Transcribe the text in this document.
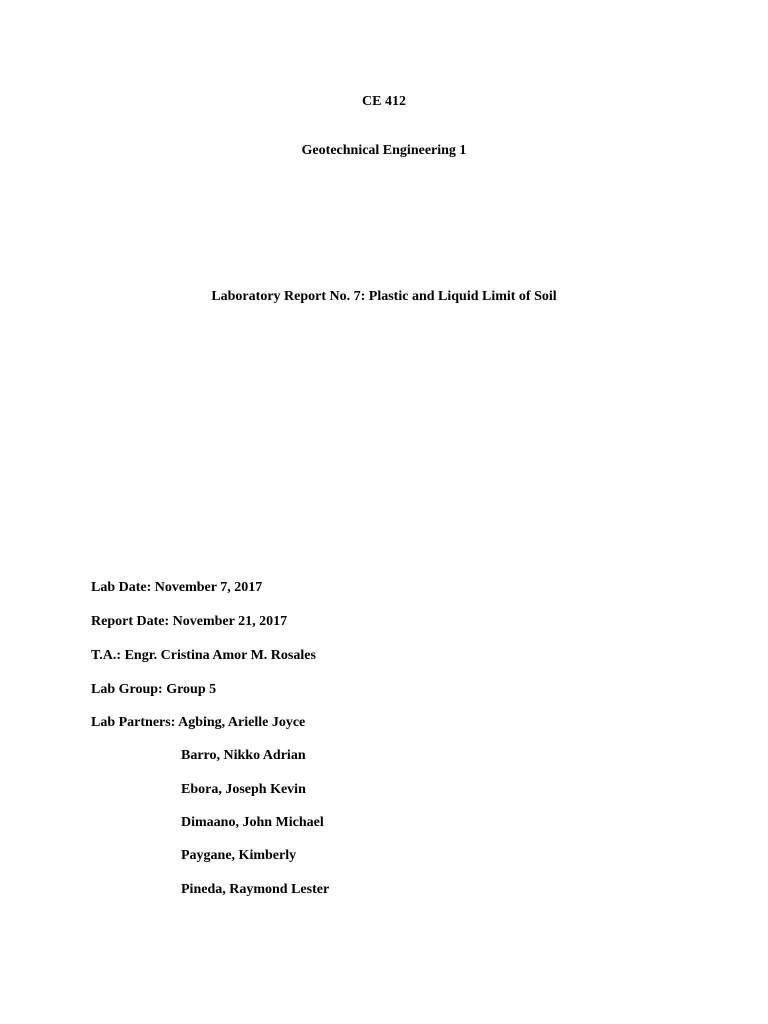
CE 412
Geotechnical Engineering 1
Laboratory Report No. 7: Plastic and Liquid Limit of Soil
Lab Date: November 7, 2017
Report Date: November 21, 2017
T.A.: Engr. Cristina Amor M. Rosales
Lab Group: Group 5
Lab Partners: Agbing, Arielle Joyce
Barro, Nikko Adrian
Ebora, Joseph Kevin
Dimaano, John Michael
Paygane, Kimberly
Pineda, Raymond Lester
